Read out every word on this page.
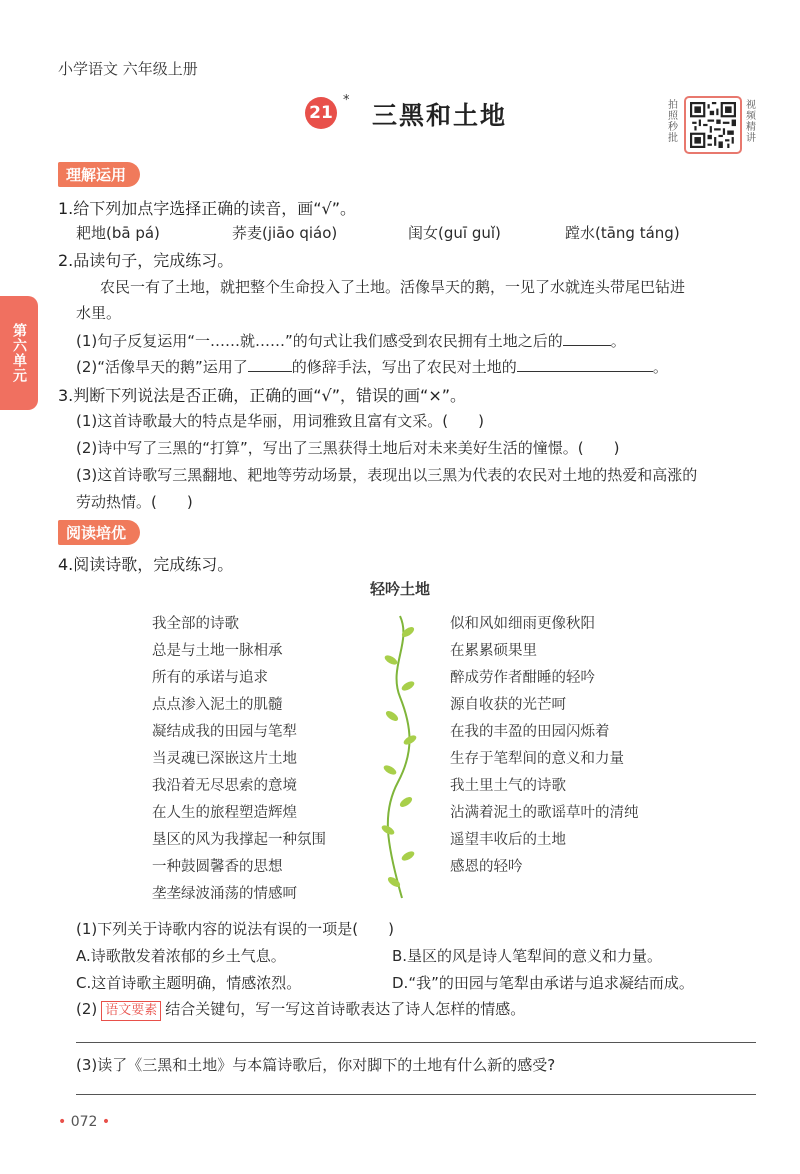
小学语文 六年级上册
21
*
三黑和土地	拍照秒批
视频精讲
第六单元
理解运用
1.给下列加点字选择正确的读音，画“√”。
耙地(bā pá)	荞麦(jiāo qiáo)	闺女(guī guǐ)	蹚水(tāng táng)
2.品读句子，完成练习。
农民一有了土地，就把整个生命投入了土地。活像旱天的鹅，一见了水就连头带尾巴钻进
水里。
(1)句子反复运用“一……就……”的句式让我们感受到农民拥有土地之后的	。
(2)“活像旱天的鹅”运用了	的修辞手法，写出了农民对土地的	。
3.判断下列说法是否正确，正确的画“√”，错误的画“×”。
(1)这首诗歌最大的特点是华丽，用词雅致且富有文采。( )
(2)诗中写了三黑的“打算”，写出了三黑获得土地后对未来美好生活的憧憬。( )
(3)这首诗歌写三黑翻地、耙地等劳动场景，表现出以三黑为代表的农民对土地的热爱和高涨的
劳动热情。( )
阅读培优
4.阅读诗歌，完成练习。
轻吟土地
我全部的诗歌
总是与土地一脉相承
所有的承诺与追求
点点渗入泥土的肌髓
凝结成我的田园与笔犁
当灵魂已深嵌这片土地
我沿着无尽思索的意境
在人生的旅程塑造辉煌
垦区的风为我撑起一种氛围
一种鼓圆馨香的思想
垄垄绿波涌荡的情感呵
似和风如细雨更像秋阳
在累累硕果里
醉成劳作者酣睡的轻吟
源自收获的光芒呵
在我的丰盈的田园闪烁着
生存于笔犁间的意义和力量
我土里土气的诗歌
沾满着泥土的歌谣草叶的清纯
遥望丰收后的土地
感恩的轻吟
(1)下列关于诗歌内容的说法有误的一项是( )
A.诗歌散发着浓郁的乡土气息。	B.垦区的风是诗人笔犁间的意义和力量。
C.这首诗歌主题明确，情感浓烈。	D.“我”的田园与笔犁由承诺与追求凝结而成。
(2) 语文要素 结合关键句，写一写这首诗歌表达了诗人怎样的情感。
(3)读了《三黑和土地》与本篇诗歌后，你对脚下的土地有什么新的感受?
• 072 •
